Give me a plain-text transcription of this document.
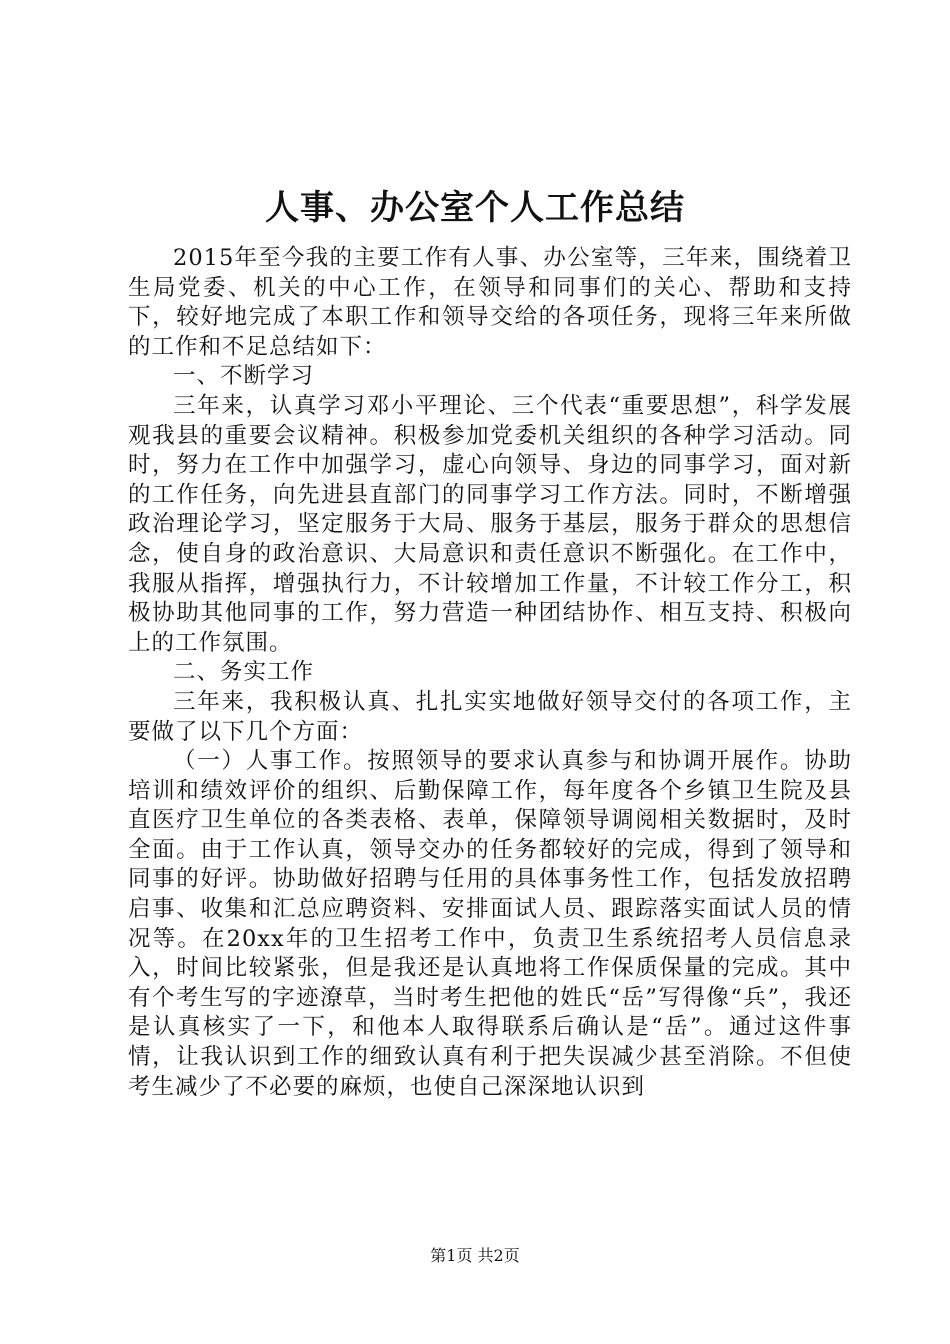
人事、办公室个人工作总结

2015年至今我的主要工作有人事、办公室等，三年来，围绕着卫生局党委、机关的中心工作，在领导和同事们的关心、帮助和支持下，较好地完成了本职工作和领导交给的各项任务，现将三年来所做的工作和不足总结如下：

一、不断学习

三年来，认真学习邓小平理论、三个代表“重要思想”，科学发展观我县的重要会议精神。积极参加党委机关组织的各种学习活动。同时，努力在工作中加强学习，虚心向领导、身边的同事学习，面对新的工作任务，向先进县直部门的同事学习工作方法。同时，不断增强政治理论学习，坚定服务于大局、服务于基层，服务于群众的思想信念，使自身的政治意识、大局意识和责任意识不断强化。在工作中，我服从指挥，增强执行力，不计较增加工作量，不计较工作分工，积极协助其他同事的工作，努力营造一种团结协作、相互支持、积极向上的工作氛围。

二、务实工作

三年来，我积极认真、扎扎实实地做好领导交付的各项工作，主要做了以下几个方面：

（一）人事工作。按照领导的要求认真参与和协调开展作。协助培训和绩效评价的组织、后勤保障工作，每年度各个乡镇卫生院及县直医疗卫生单位的各类表格、表单，保障领导调阅相关数据时，及时全面。由于工作认真，领导交办的任务都较好的完成，得到了领导和同事的好评。协助做好招聘与任用的具体事务性工作，包括发放招聘启事、收集和汇总应聘资料、安排面试人员、跟踪落实面试人员的情况等。在20xx年的卫生招考工作中，负责卫生系统招考人员信息录入，时间比较紧张，但是我还是认真地将工作保质保量的完成。其中有个考生写的字迹潦草，当时考生把他的姓氏“岳”写得像“兵”，我还是认真核实了一下，和他本人取得联系后确认是“岳”。通过这件事情，让我认识到工作的细致认真有利于把失误减少甚至消除。不但使考生减少了不必要的麻烦，也使自己深深地认识到

第1页 共2页
